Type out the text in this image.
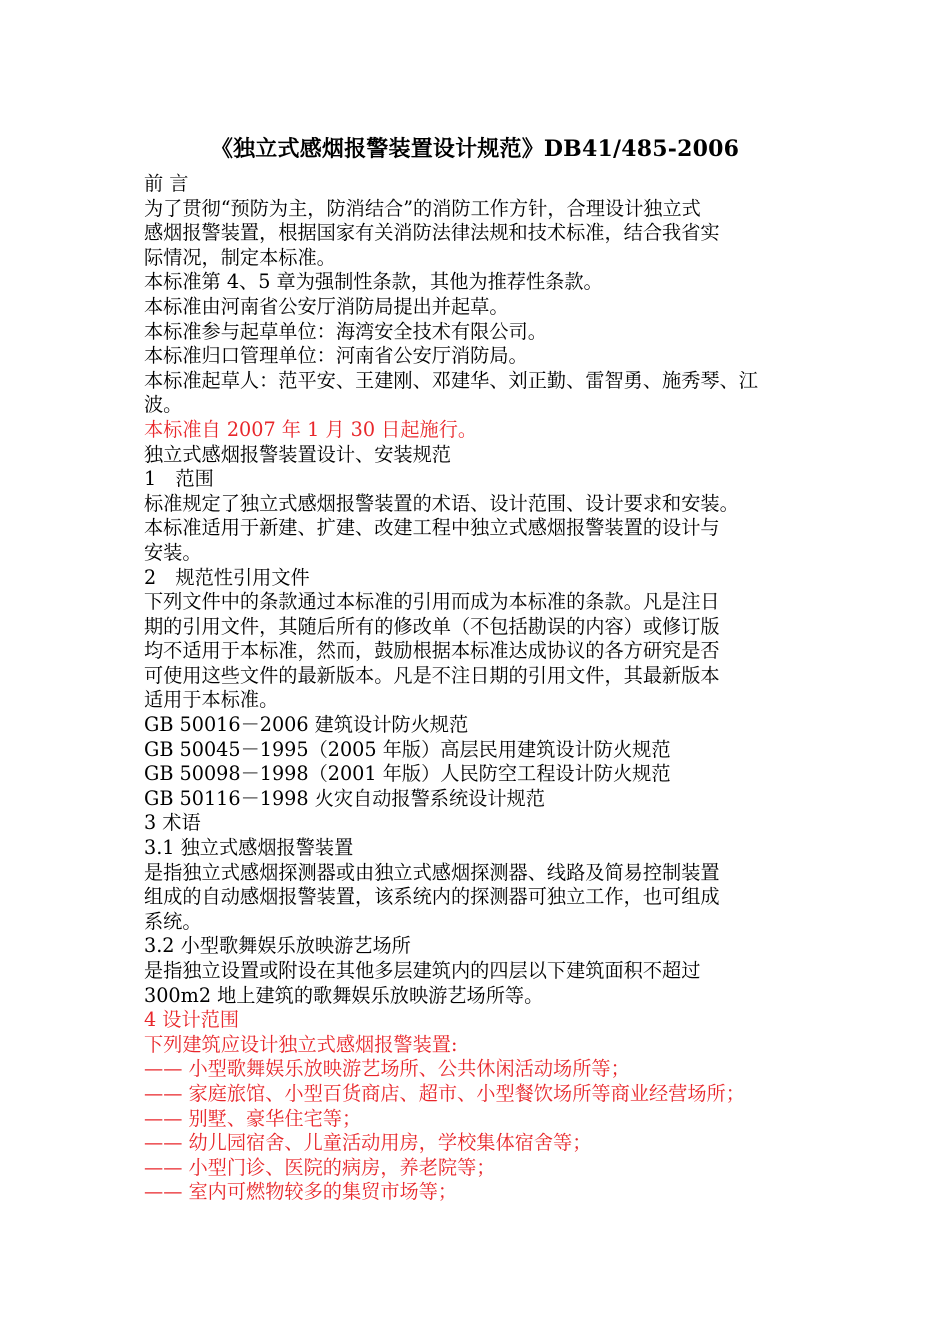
《独立式感烟报警装置设计规范》DB41/485-2006
前 言
为了贯彻“预防为主，防消结合”的消防工作方针，合理设计独立式
感烟报警装置，根据国家有关消防法律法规和技术标准，结合我省实
际情况，制定本标准。
本标准第 4、5 章为强制性条款，其他为推荐性条款。
本标准由河南省公安厅消防局提出并起草。
本标准参与起草单位：海湾安全技术有限公司。
本标准归口管理单位：河南省公安厅消防局。
本标准起草人：范平安、王建刚、邓建华、刘正勤、雷智勇、施秀琴、江
波。
本标准自 2007 年 1 月 30 日起施行。
独立式感烟报警装置设计、安装规范
1　范围
标准规定了独立式感烟报警装置的术语、设计范围、设计要求和安装。
本标准适用于新建、扩建、改建工程中独立式感烟报警装置的设计与
安装。
2　规范性引用文件
下列文件中的条款通过本标准的引用而成为本标准的条款。凡是注日
期的引用文件，其随后所有的修改单（不包括勘误的内容）或修订版
均不适用于本标准，然而，鼓励根据本标准达成协议的各方研究是否
可使用这些文件的最新版本。凡是不注日期的引用文件，其最新版本
适用于本标准。
GB 50016－2006 建筑设计防火规范
GB 50045－1995（2005 年版）高层民用建筑设计防火规范
GB 50098－1998（2001 年版）人民防空工程设计防火规范
GB 50116－1998 火灾自动报警系统设计规范
3 术语
3.1 独立式感烟报警装置
是指独立式感烟探测器或由独立式感烟探测器、线路及简易控制装置
组成的自动感烟报警装置，该系统内的探测器可独立工作，也可组成
系统。
3.2 小型歌舞娱乐放映游艺场所
是指独立设置或附设在其他多层建筑内的四层以下建筑面积不超过
300m2 地上建筑的歌舞娱乐放映游艺场所等。
4 设计范围
下列建筑应设计独立式感烟报警装置:
—— 小型歌舞娱乐放映游艺场所、公共休闲活动场所等；
—— 家庭旅馆、小型百货商店、超市、小型餐饮场所等商业经营场所；
—— 别墅、豪华住宅等；
—— 幼儿园宿舍、儿童活动用房，学校集体宿舍等；
—— 小型门诊、医院的病房，养老院等；
—— 室内可燃物较多的集贸市场等；
